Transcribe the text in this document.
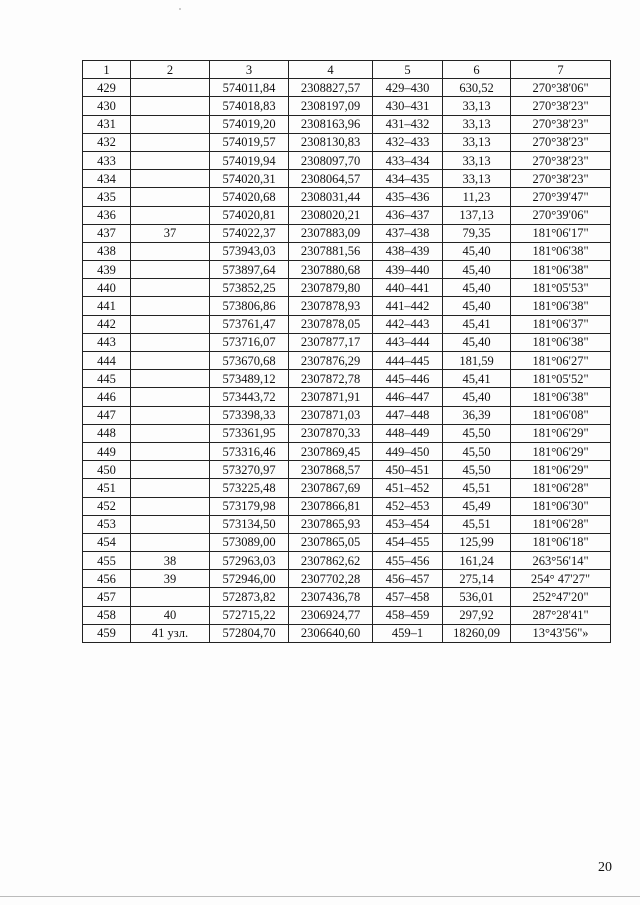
1	2	3	4	5	6	7
429		574011,84	2308827,57	429–430	630,52	270°38'06"
430		574018,83	2308197,09	430–431	33,13	270°38'23"
431		574019,20	2308163,96	431–432	33,13	270°38'23"
432		574019,57	2308130,83	432–433	33,13	270°38'23"
433		574019,94	2308097,70	433–434	33,13	270°38'23"
434		574020,31	2308064,57	434–435	33,13	270°38'23"
435		574020,68	2308031,44	435–436	11,23	270°39'47"
436		574020,81	2308020,21	436–437	137,13	270°39'06"
437	37	574022,37	2307883,09	437–438	79,35	181°06'17"
438		573943,03	2307881,56	438–439	45,40	181°06'38"
439		573897,64	2307880,68	439–440	45,40	181°06'38"
440		573852,25	2307879,80	440–441	45,40	181°05'53"
441		573806,86	2307878,93	441–442	45,40	181°06'38"
442		573761,47	2307878,05	442–443	45,41	181°06'37"
443		573716,07	2307877,17	443–444	45,40	181°06'38"
444		573670,68	2307876,29	444–445	181,59	181°06'27"
445		573489,12	2307872,78	445–446	45,41	181°05'52"
446		573443,72	2307871,91	446–447	45,40	181°06'38"
447		573398,33	2307871,03	447–448	36,39	181°06'08"
448		573361,95	2307870,33	448–449	45,50	181°06'29"
449		573316,46	2307869,45	449–450	45,50	181°06'29"
450		573270,97	2307868,57	450–451	45,50	181°06'29"
451		573225,48	2307867,69	451–452	45,51	181°06'28"
452		573179,98	2307866,81	452–453	45,49	181°06'30"
453		573134,50	2307865,93	453–454	45,51	181°06'28"
454		573089,00	2307865,05	454–455	125,99	181°06'18"
455	38	572963,03	2307862,62	455–456	161,24	263°56'14"
456	39	572946,00	2307702,28	456–457	275,14	254° 47'27"
457		572873,82	2307436,78	457–458	536,01	252°47'20"
458	40	572715,22	2306924,77	458–459	297,92	287°28'41"
459	41 узл.	572804,70	2306640,60	459–1	18260,09	13°43'56"»
20
